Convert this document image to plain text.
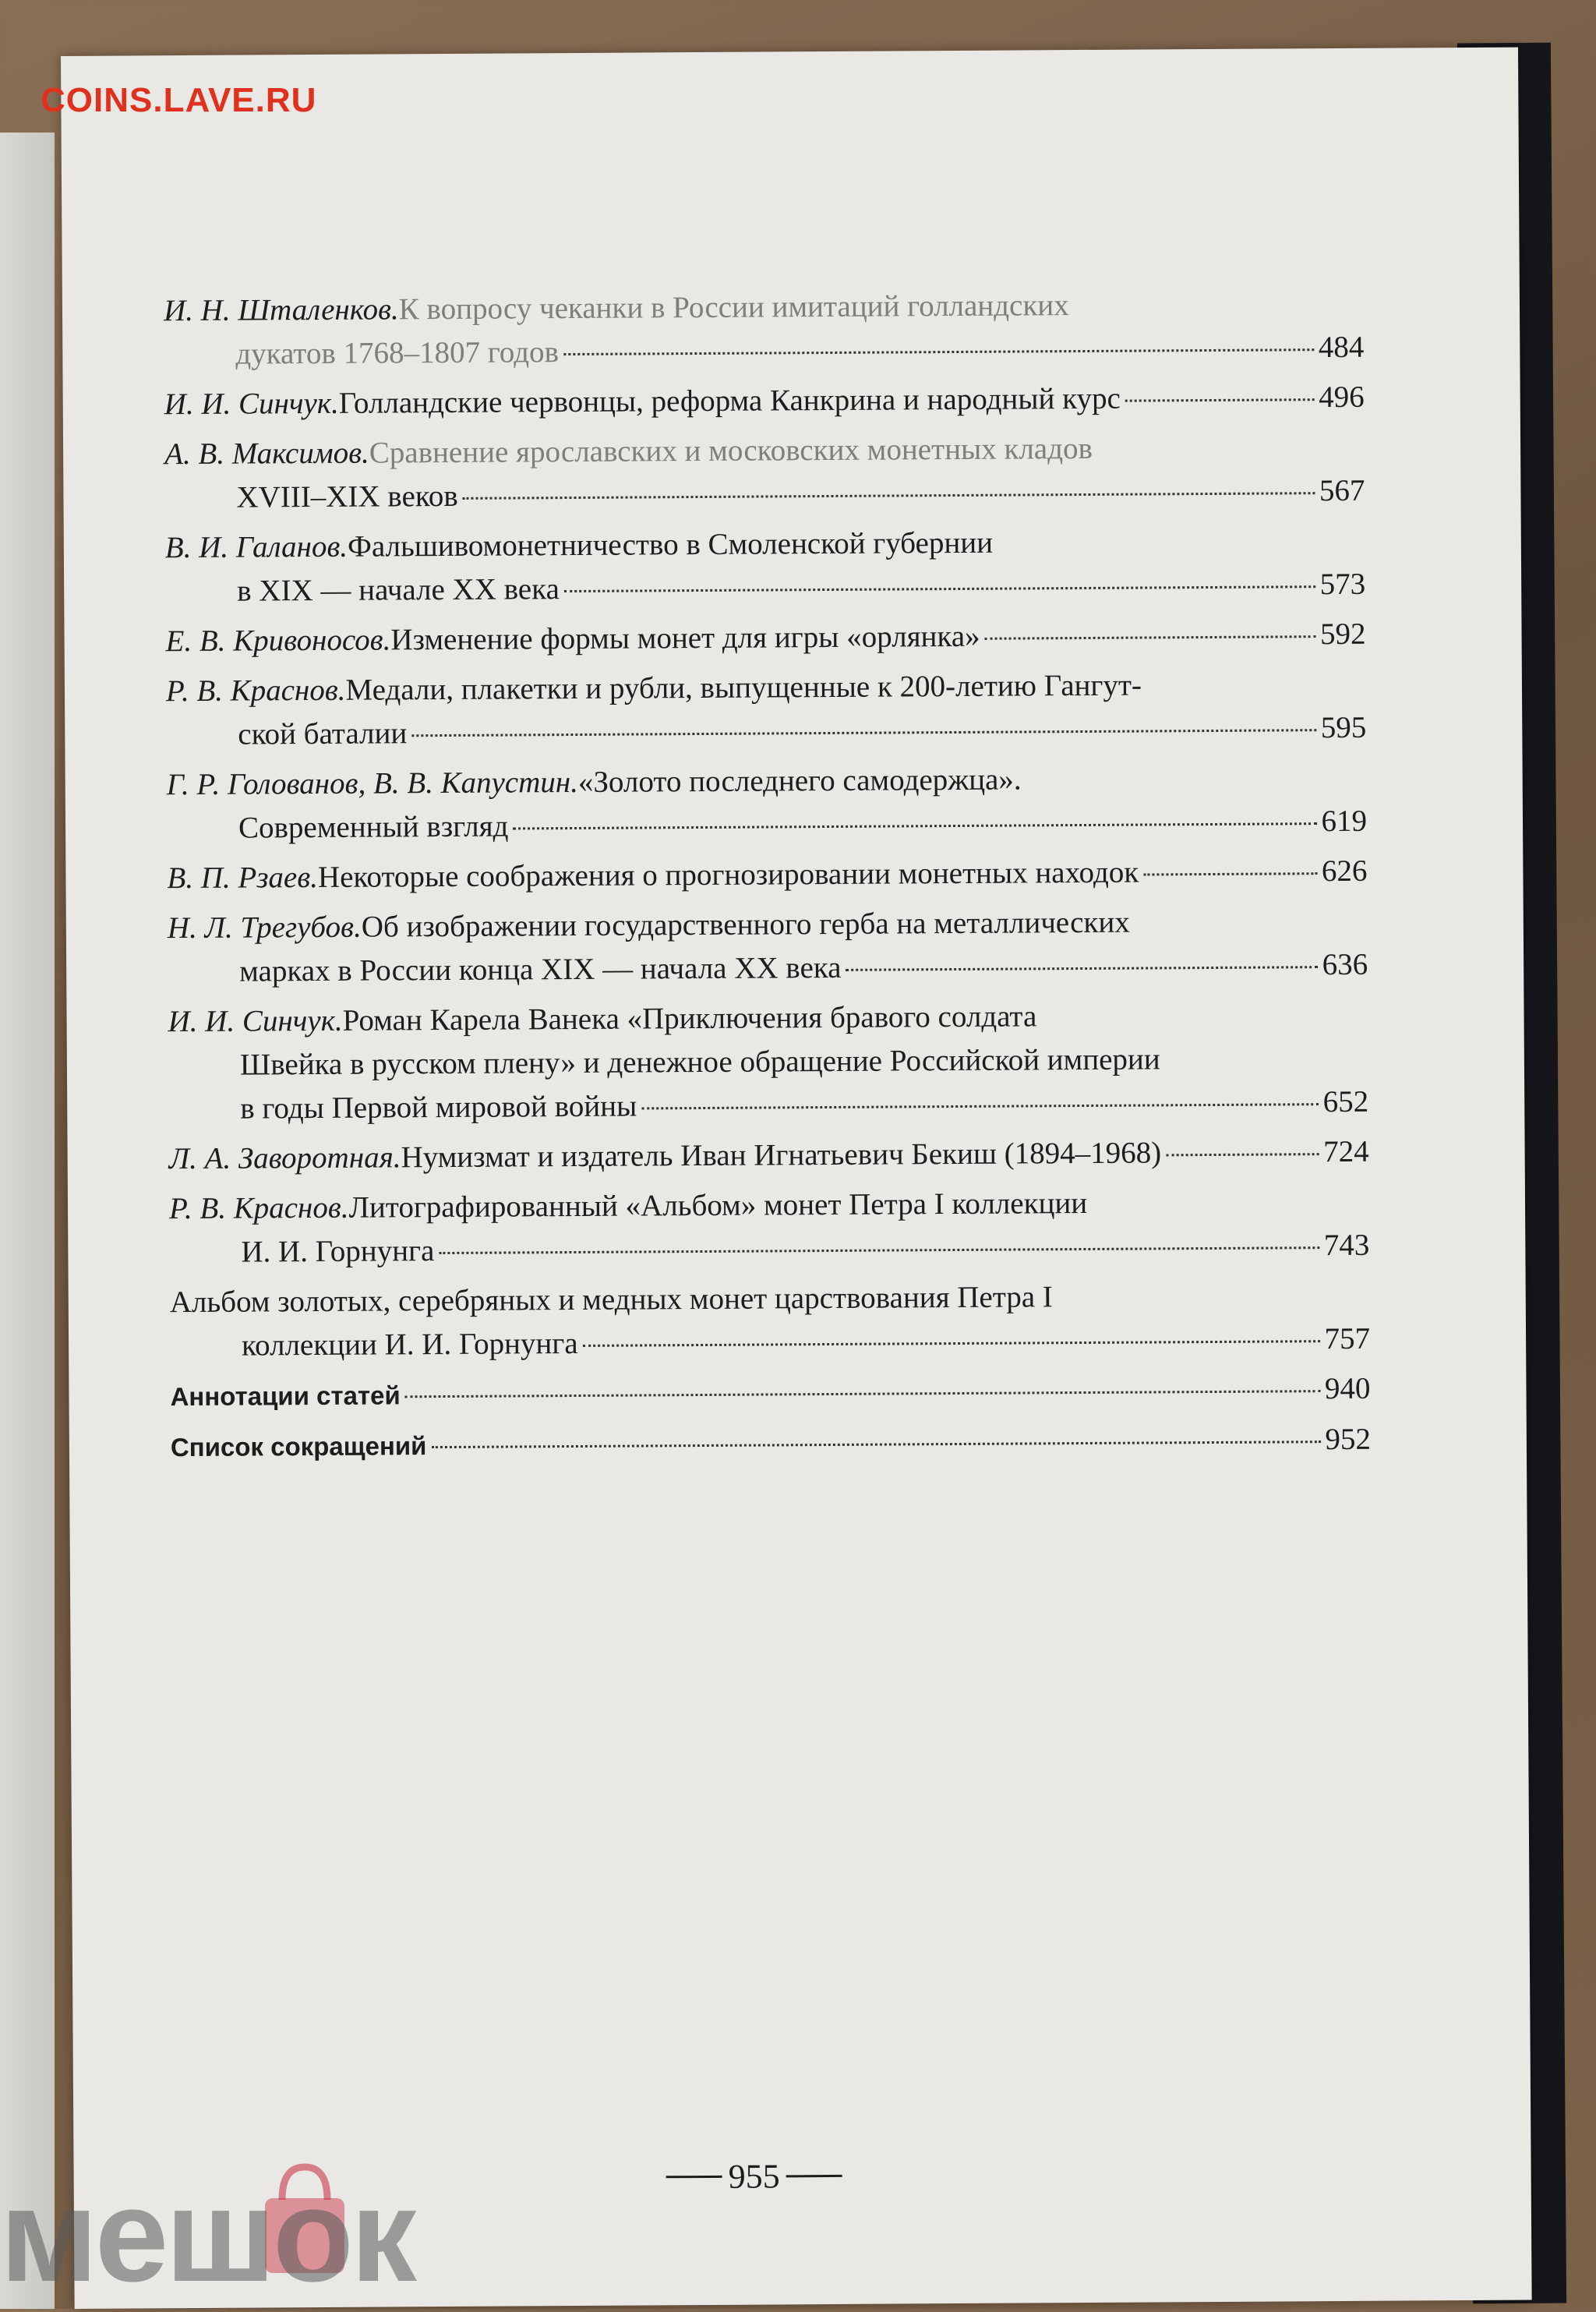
И. Н. Шталенков. К вопросу чеканки в России имитаций голландских
дукатов 1768–1807 годов	484
И. И. Синчук. Голландские червонцы, реформа Канкрина и народный курс	496
А. В. Максимов. Сравнение ярославских и московских монетных кладов
XVIII–XIX веков	567
В. И. Галанов. Фальшивомонетничество в Смоленской губернии
в XIX — начале XX века	573
Е. В. Кривоносов. Изменение формы монет для игры «орлянка»	592
Р. В. Краснов. Медали, плакетки и рубли, выпущенные к 200-летию Гангут-
ской баталии	595
Г. Р. Голованов, В. В. Капустин. «Золото последнего самодержца».
Современный взгляд	619
В. П. Рзаев. Некоторые соображения о прогнозировании монетных находок	626
Н. Л. Трегубов. Об изображении государственного герба на металлических
марках в России конца XIX — начала XX века	636
И. И. Синчук. Роман Карела Ванека «Приключения бравого солдата
Швейка в русском плену» и денежное обращение Российской империи
в годы Первой мировой войны	652
Л. А. Заворотная. Нумизмат и издатель Иван Игнатьевич Бекиш (1894–1968)	724
Р. В. Краснов. Литографированный «Альбом» монет Петра I коллекции
И. И. Горнунга	743
Альбом золотых, серебряных и медных монет царствования Петра I
коллекции И. И. Горнунга	757
Аннотации статей	940
Список сокращений	952
955
COINS.LAVE.RU
мешок
